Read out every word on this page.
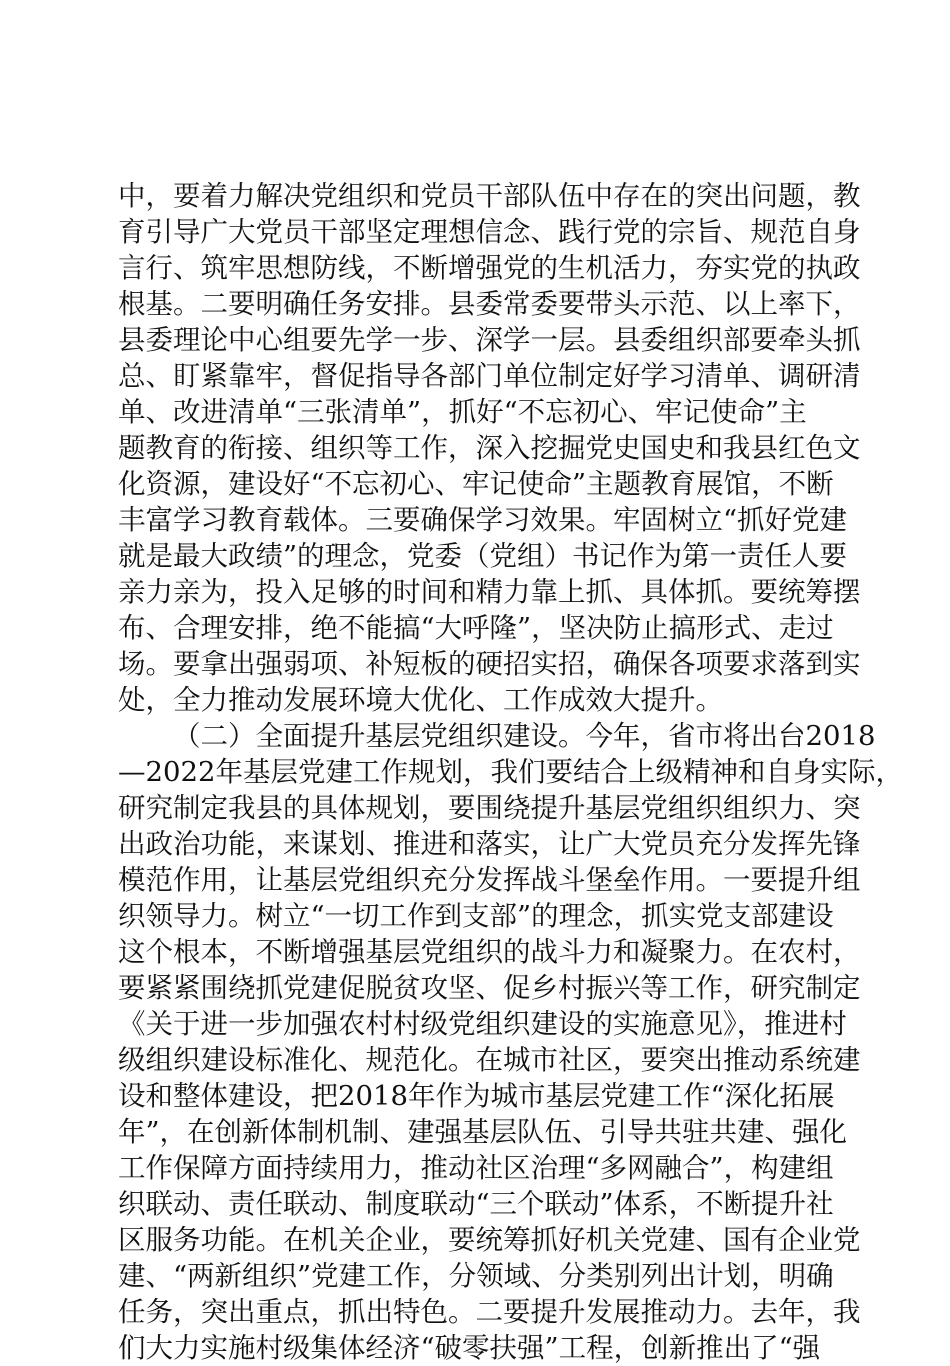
中，要着力解决党组织和党员干部队伍中存在的突出问题，教
育引导广大党员干部坚定理想信念、践行党的宗旨、规范自身
言行、筑牢思想防线，不断增强党的生机活力，夯实党的执政
根基。二要明确任务安排。县委常委要带头示范、以上率下，
县委理论中心组要先学一步、深学一层。县委组织部要牵头抓
总、盯紧靠牢，督促指导各部门单位制定好学习清单、调研清
单、改进清单“三张清单”，抓好“不忘初心、牢记使命”主
题教育的衔接、组织等工作，深入挖掘党史国史和我县红色文
化资源，建设好“不忘初心、牢记使命”主题教育展馆，不断
丰富学习教育载体。三要确保学习效果。牢固树立“抓好党建
就是最大政绩”的理念，党委（党组）书记作为第一责任人要
亲力亲为，投入足够的时间和精力靠上抓、具体抓。要统筹摆
布、合理安排，绝不能搞“大呼隆”，坚决防止搞形式、走过
场。要拿出强弱项、补短板的硬招实招，确保各项要求落到实
处，全力推动发展环境大优化、工作成效大提升。
（二）全面提升基层党组织建设。今年，省市将出台2018
—2022年基层党建工作规划，我们要结合上级精神和自身实际，
研究制定我县的具体规划，要围绕提升基层党组织组织力、突
出政治功能，来谋划、推进和落实，让广大党员充分发挥先锋
模范作用，让基层党组织充分发挥战斗堡垒作用。一要提升组
织领导力。树立“一切工作到支部”的理念，抓实党支部建设
这个根本，不断增强基层党组织的战斗力和凝聚力。在农村，
要紧紧围绕抓党建促脱贫攻坚、促乡村振兴等工作，研究制定
《关于进一步加强农村村级党组织建设的实施意见》，推进村
级组织建设标准化、规范化。在城市社区，要突出推动系统建
设和整体建设，把2018年作为城市基层党建工作“深化拓展
年”，在创新体制机制、建强基层队伍、引导共驻共建、强化
工作保障方面持续用力，推动社区治理“多网融合”，构建组
织联动、责任联动、制度联动“三个联动”体系，不断提升社
区服务功能。在机关企业，要统筹抓好机关党建、国有企业党
建、“两新组织”党建工作，分领域、分类别列出计划，明确
任务，突出重点，抓出特色。二要提升发展推动力。去年，我
们大力实施村级集体经济“破零扶强”工程，创新推出了“强
